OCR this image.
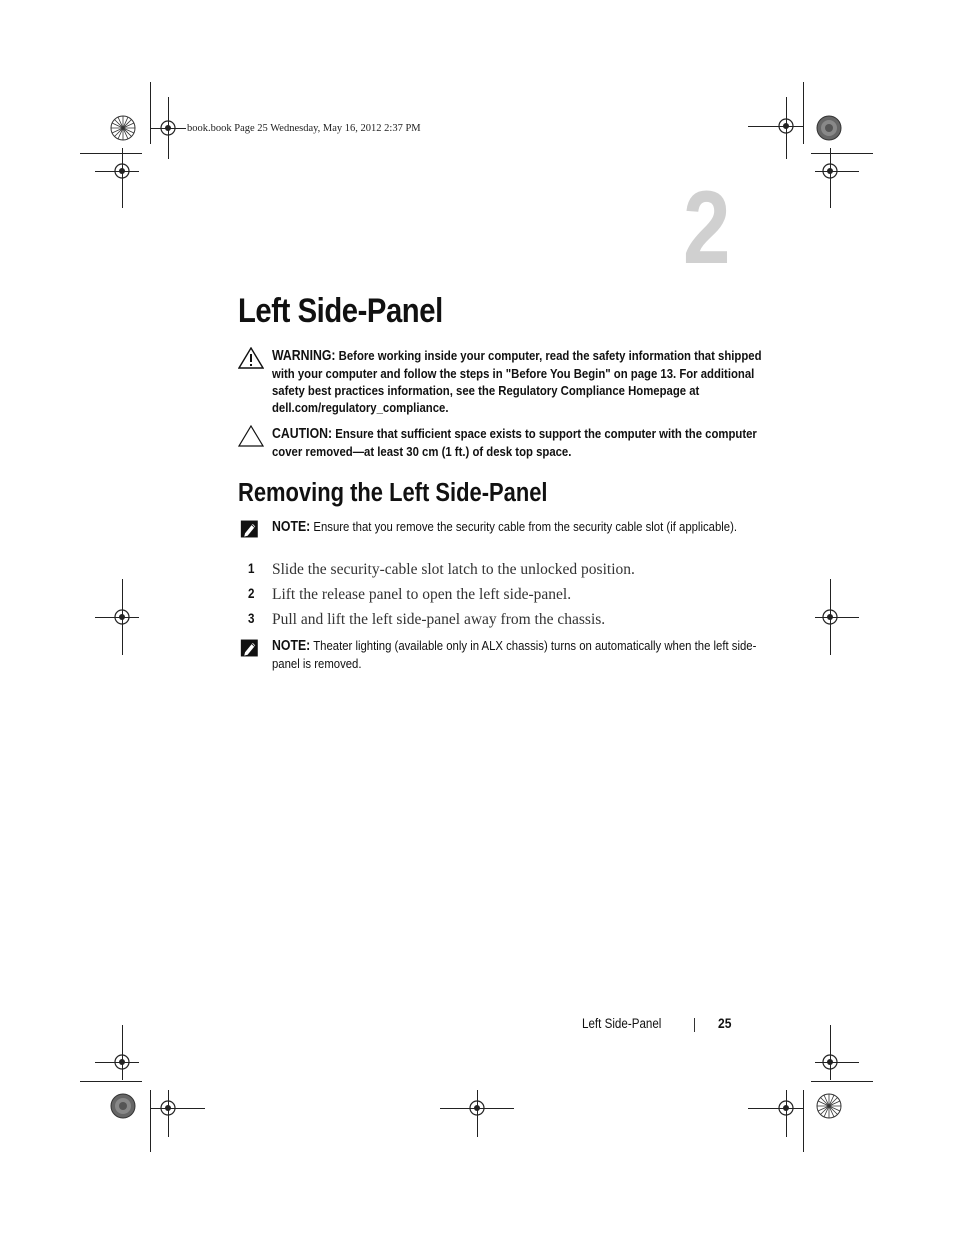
book.book Page 25 Wednesday, May 16, 2012 2:37 PM
2
Left Side-Panel
WARNING: Before working inside your computer, read the safety information that shipped with your computer and follow the steps in "Before You Begin" on page 13. For additional safety best practices information, see the Regulatory Compliance Homepage at dell.com/regulatory_compliance.
CAUTION: Ensure that sufficient space exists to support the computer with the computer cover removed—at least 30 cm (1 ft.) of desk top space.
Removing the Left Side-Panel
NOTE: Ensure that you remove the security cable from the security cable slot (if applicable).
1 Slide the security-cable slot latch to the unlocked position.
2 Lift the release panel to open the left side-panel.
3 Pull and lift the left side-panel away from the chassis.
NOTE: Theater lighting (available only in ALX chassis) turns on automatically when the left side-panel is removed.
Left Side-Panel	25
